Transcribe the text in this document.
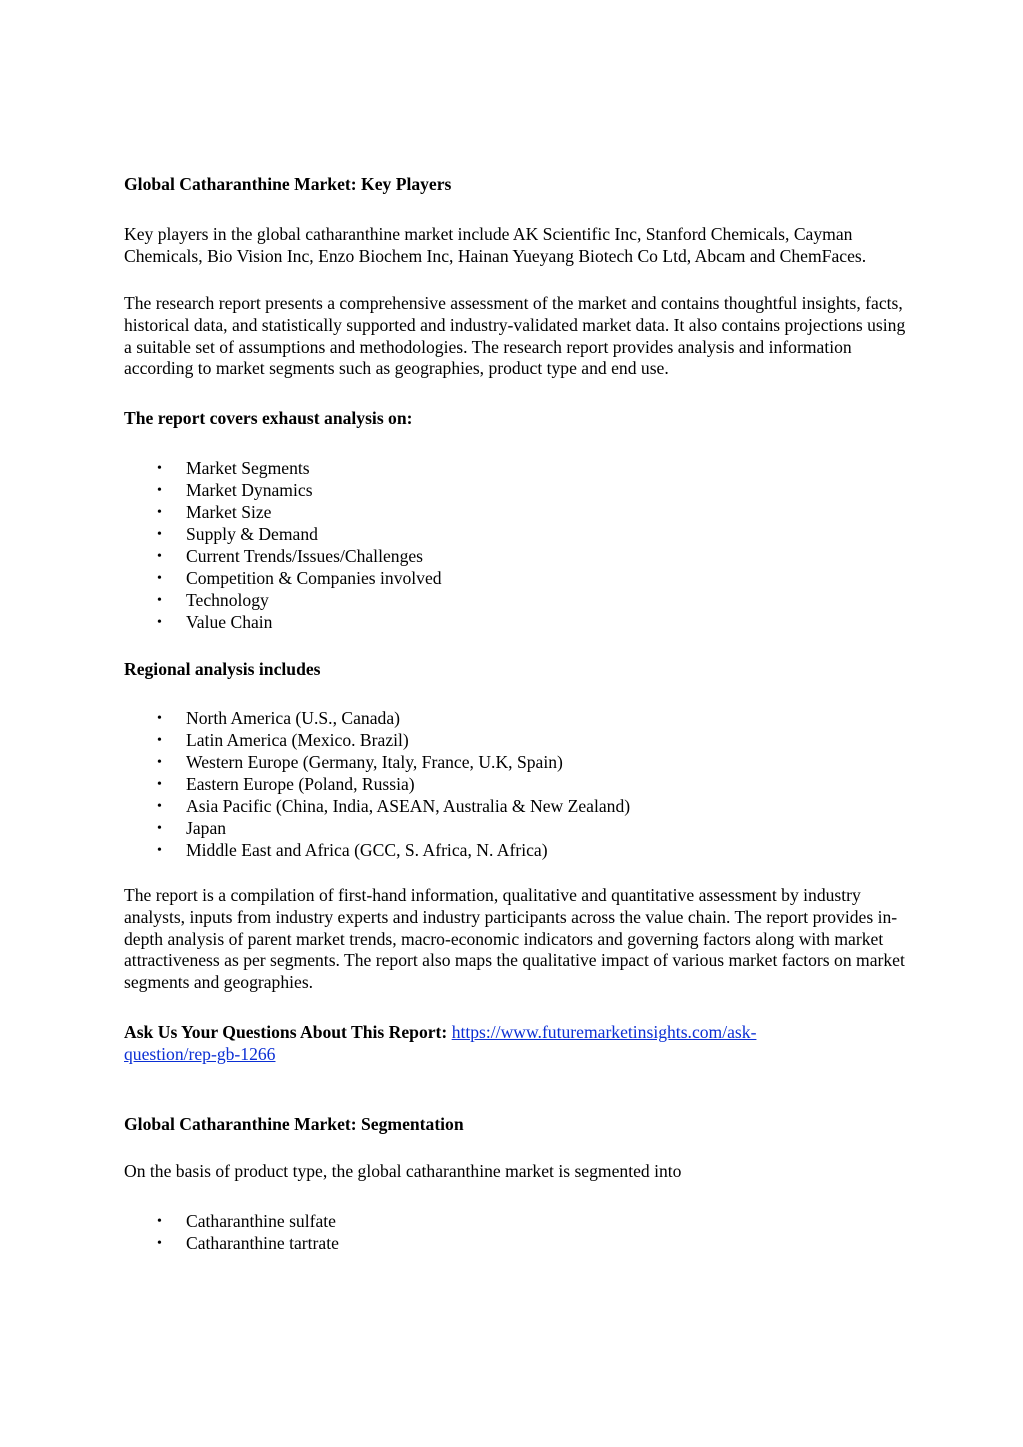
Global Catharanthine Market: Key Players

Key players in the global catharanthine market include AK Scientific Inc, Stanford Chemicals, Cayman Chemicals, Bio Vision Inc, Enzo Biochem Inc, Hainan Yueyang Biotech Co Ltd, Abcam and ChemFaces.

The research report presents a comprehensive assessment of the market and contains thoughtful insights, facts, historical data, and statistically supported and industry-validated market data. It also contains projections using a suitable set of assumptions and methodologies. The research report provides analysis and information according to market segments such as geographies, product type and end use.

The report covers exhaust analysis on:

• Market Segments
• Market Dynamics
• Market Size
• Supply & Demand
• Current Trends/Issues/Challenges
• Competition & Companies involved
• Technology
• Value Chain

Regional analysis includes

• North America (U.S., Canada)
• Latin America (Mexico. Brazil)
• Western Europe (Germany, Italy, France, U.K, Spain)
• Eastern Europe (Poland, Russia)
• Asia Pacific (China, India, ASEAN, Australia & New Zealand)
• Japan
• Middle East and Africa (GCC, S. Africa, N. Africa)

The report is a compilation of first-hand information, qualitative and quantitative assessment by industry analysts, inputs from industry experts and industry participants across the value chain. The report provides in-depth analysis of parent market trends, macro-economic indicators and governing factors along with market attractiveness as per segments. The report also maps the qualitative impact of various market factors on market segments and geographies.

Ask Us Your Questions About This Report: https://www.futuremarketinsights.com/ask-
question/rep-gb-1266

Global Catharanthine Market: Segmentation

On the basis of product type, the global catharanthine market is segmented into

• Catharanthine sulfate
• Catharanthine tartrate
